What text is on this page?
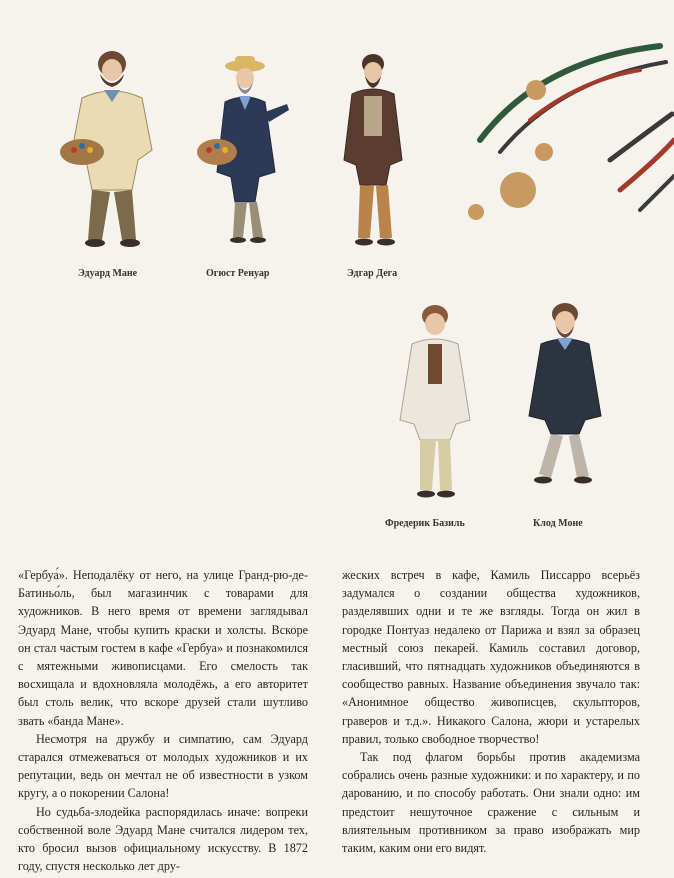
Эдуард Мане	Огюст Ренуар	Эдгар Дега
Фредерик Базиль	Клод Моне

«Гербуа́». Неподалёку от него, на улице Гранд-рю-де-Батиньо́ль, был магазинчик с товарами для художников. В него время от времени заглядывал Эдуард Мане, чтобы купить краски и холсты. Вскоре он стал частым гостем в кафе «Гербуа» и познакомился с мятежными живописцами. Его смелость так восхищала и вдохновляла молодёжь, а его авторитет был столь велик, что вскоре друзей стали шутливо звать «банда Мане».

Несмотря на дружбу и симпатию, сам Эдуард старался отмежеваться от молодых художников и их репутации, ведь он мечтал не об известности в узком кругу, а о покорении Салона!

Но судьба-злодейка распорядилась иначе: вопреки собственной воле Эдуард Мане считался лидером тех, кто бросил вызов официальному искусству. В 1872 году, спустя несколько лет дру-

жеских встреч в кафе, Камиль Писсарро всерьёз задумался о создании общества художников, разделявших одни и те же взгляды. Тогда он жил в городке Понтуаз недалеко от Парижа и взял за образец местный союз пекарей. Камиль составил договор, гласивший, что пятнадцать художников объединяются в сообщество равных. Название объединения звучало так: «Анонимное общество живописцев, скульпторов, граверов и т.д.». Никакого Салона, жюри и устарелых правил, только свободное творчество!

Так под флагом борьбы против академизма собрались очень разные художники: и по характеру, и по дарованию, и по способу работать. Они знали одно: им предстоит нешуточное сражение с сильным и влиятельным противником за право изображать мир таким, каким они его видят.
